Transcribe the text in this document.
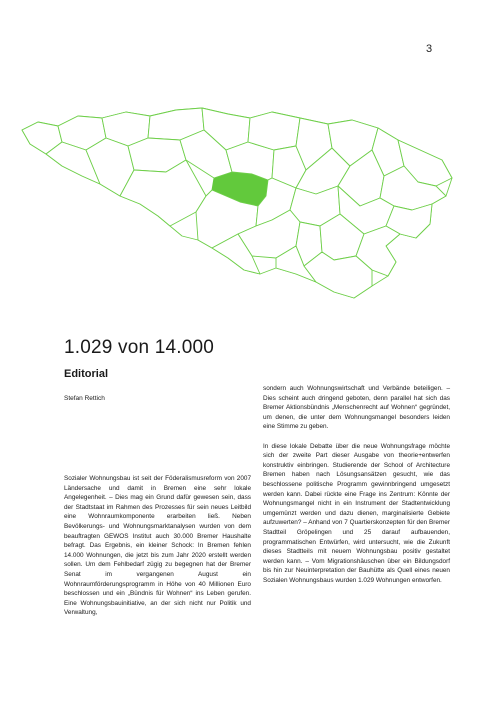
3
1.029 von 14.000
Editorial
Stefan Rettich

Sozialer Wohnungsbau ist seit der Föderalismusreform von 2007 Ländersache und damit in Bremen eine sehr lokale Angelegenheit. – Dies mag ein Grund dafür gewesen sein, dass der Stadtstaat im Rahmen des Prozesses für sein neues Leitbild eine Wohnraumkomponente erarbeiten ließ. Neben Bevölkerungs- und Wohnungsmarktanalysen wurden von dem beauftragten GEWOS Institut auch 30.000 Bremer Haushalte befragt. Das Ergebnis, ein kleiner Schock: In Bremen fehlen 14.000 Wohnungen, die jetzt bis zum Jahr 2020 erstellt werden sollen. Um dem Fehlbedarf zügig zu begegnen hat der Bremer Senat im vergangenen August ein Wohnraumförderungsprogramm in Höhe von 40 Millionen Euro beschlossen und ein „Bündnis für Wohnen“ ins Leben gerufen. Eine Wohnungsbauinitiative, an der sich nicht nur Politik und Verwaltung,

sondern auch Wohnungswirtschaft und Verbände beteiligen. – Dies scheint auch dringend geboten, denn parallel hat sich das Bremer Aktionsbündnis „Menschenrecht auf Wohnen“ gegründet, um denen, die unter dem Wohnungsmangel besonders leiden eine Stimme zu geben.

In diese lokale Debatte über die neue Wohnungsfrage möchte sich der zweite Part dieser Ausgabe von theorie+entwerfen konstruktiv einbringen. Studierende der School of Architecture Bremen haben nach Lösungsansätzen gesucht, wie das beschlossene politische Programm gewinnbringend umgesetzt werden kann. Dabei rückte eine Frage ins Zentrum: Könnte der Wohnungsmangel nicht in ein Instrument der Stadtentwicklung umgemünzt werden und dazu dienen, marginalisierte Gebiete aufzuwerten? – Anhand von 7 Quartierskonzepten für den Bremer Stadtteil Gröpelingen und 25 darauf aufbauenden, programmatischen Entwürfen, wird untersucht, wie die Zukunft dieses Stadtteils mit neuem Wohnungsbau positiv gestaltet werden kann. – Vom Migrationshäuschen über ein Bildungsdorf bis hin zur Neuinterpretation der Bauhütte als Quell eines neuen Sozialen Wohnungsbaus wurden 1.029 Wohnungen entworfen.
